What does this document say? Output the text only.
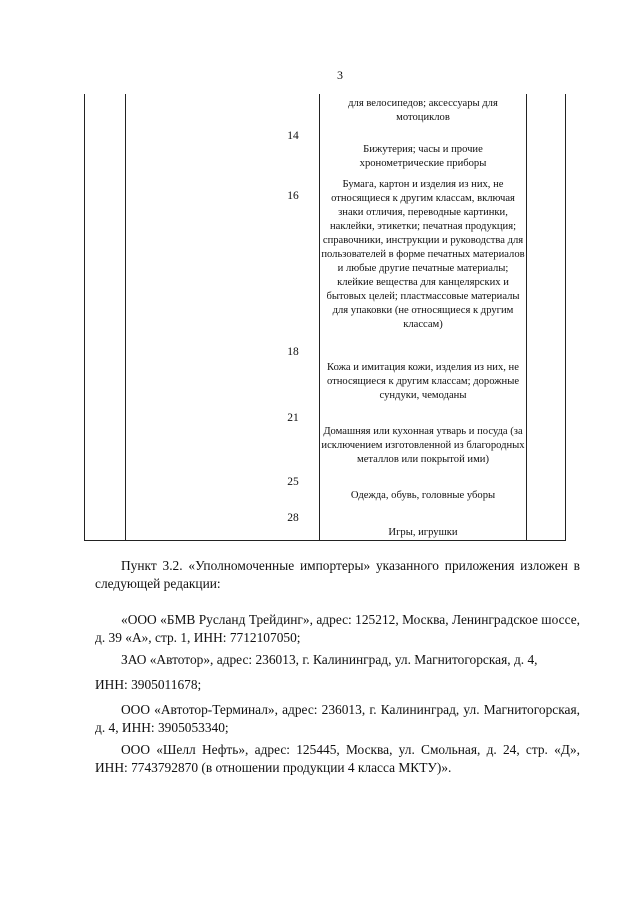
3
для велосипедов; аксессуары для мотоциклов
14
Бижутерия; часы и прочие хронометрические приборы
16
Бумага, картон и изделия из них, не относящиеся к другим классам, включая знаки отличия, переводные картинки, наклейки, этикетки; печатная продукция; справочники, инструкции и руководства для пользователей в форме печатных материалов и любые другие печатные материалы; клейкие вещества для канцелярских и бытовых целей; пластмассовые материалы для упаковки (не относящиеся к другим классам)
18
Кожа и имитация кожи, изделия из них, не относящиеся к другим классам; дорожные сундуки, чемоданы
21
Домашняя или кухонная утварь и посуда (за исключением изготовленной из благородных металлов или покрытой ими)
25
Одежда, обувь, головные уборы
28
Игры, игрушки
Пункт 3.2. «Уполномоченные импортеры» указанного приложения изложен в следующей редакции:
«ООО «БМВ Русланд Трейдинг», адрес: 125212, Москва, Ленинградское шоссе, д. 39 «А», стр. 1, ИНН: 7712107050;
ЗАО «Автотор», адрес: 236013, г. Калининград, ул. Магнитогорская, д. 4,
ИНН: 3905011678;
ООО «Автотор-Терминал», адрес: 236013, г. Калининград, ул. Магнитогорская, д. 4, ИНН: 3905053340;
ООО «Шелл Нефть», адрес: 125445, Москва, ул. Смольная, д. 24, стр. «Д», ИНН: 7743792870 (в отношении продукции 4 класса МКТУ)».
